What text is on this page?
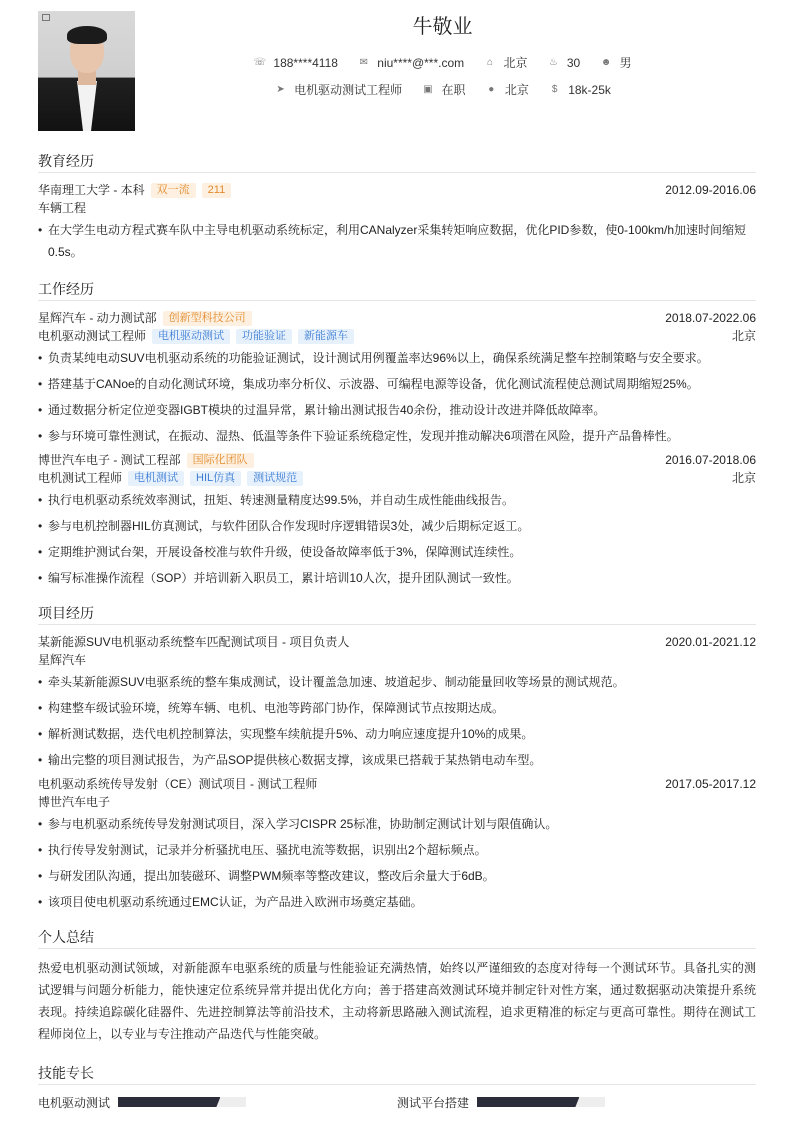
牛敬业
☏ 188****4118
✉ niu****@***.com
	⌂ 北京
♨ 30
☻ 男
➤ 电机驱动测试工程师
▣ 在职
	● 北京
	$ 18k-25k
教育经历
华南理工大学 - 本科	双一流	211	2012.09-2016.06
车辆工程
• 在大学生电动方程式赛车队中主导电机驱动系统标定，利用CANalyzer采集转矩响应数据，优化PID参数，使0-100km/h加速时间缩短0.5s。
工作经历
星辉汽车 - 动力测试部	创新型科技公司	2018.07-2022.06
电机驱动测试工程师	电机驱动测试	功能验证	新能源车	北京
• 负责某纯电动SUV电机驱动系统的功能验证测试，设计测试用例覆盖率达96%以上，确保系统满足整车控制策略与安全要求。
• 搭建基于CANoe的自动化测试环境，集成功率分析仪、示波器、可编程电源等设备，优化测试流程使总测试周期缩短25%。
• 通过数据分析定位逆变器IGBT模块的过温异常，累计输出测试报告40余份，推动设计改进并降低故障率。
• 参与环境可靠性测试，在振动、湿热、低温等条件下验证系统稳定性，发现并推动解决6项潜在风险，提升产品鲁棒性。
博世汽车电子 - 测试工程部	国际化团队	2016.07-2018.06
电机测试工程师	电机测试	HIL仿真	测试规范	北京
• 执行电机驱动系统效率测试，扭矩、转速测量精度达99.5%，并自动生成性能曲线报告。
• 参与电机控制器HIL仿真测试，与软件团队合作发现时序逻辑错误3处，减少后期标定返工。
• 定期维护测试台架，开展设备校准与软件升级，使设备故障率低于3%，保障测试连续性。
• 编写标准操作流程（SOP）并培训新入职员工，累计培训10人次，提升团队测试一致性。
项目经历
某新能源SUV电机驱动系统整车匹配测试项目 - 项目负责人	2020.01-2021.12
星辉汽车
• 牵头某新能源SUV电驱系统的整车集成测试，设计覆盖急加速、坡道起步、制动能量回收等场景的测试规范。
• 构建整车级试验环境，统筹车辆、电机、电池等跨部门协作，保障测试节点按期达成。
• 解析测试数据，迭代电机控制算法，实现整车续航提升5%、动力响应速度提升10%的成果。
• 输出完整的项目测试报告，为产品SOP提供核心数据支撑，该成果已搭载于某热销电动车型。
电机驱动系统传导发射（CE）测试项目 - 测试工程师	2017.05-2017.12
博世汽车电子
• 参与电机驱动系统传导发射测试项目，深入学习CISPR 25标准，协助制定测试计划与限值确认。
• 执行传导发射测试，记录并分析骚扰电压、骚扰电流等数据，识别出2个超标频点。
• 与研发团队沟通，提出加装磁环、调整PWM频率等整改建议，整改后余量大于6dB。
• 该项目使电机驱动系统通过EMC认证，为产品进入欧洲市场奠定基础。
个人总结
热爱电机驱动测试领域，对新能源车电驱系统的质量与性能验证充满热情，始终以严谨细致的态度对待每一个测试环节。具备扎实的测试逻辑与问题分析能力，能快速定位系统异常并提出优化方向；善于搭建高效测试环境并制定针对性方案，通过数据驱动决策提升系统表现。持续追踪碳化硅器件、先进控制算法等前沿技术，主动将新思路融入测试流程，追求更精准的标定与更高可靠性。期待在测试工程师岗位上，以专业与专注推动产品迭代与性能突破。
技能专长
电机驱动测试	测试平台搭建
